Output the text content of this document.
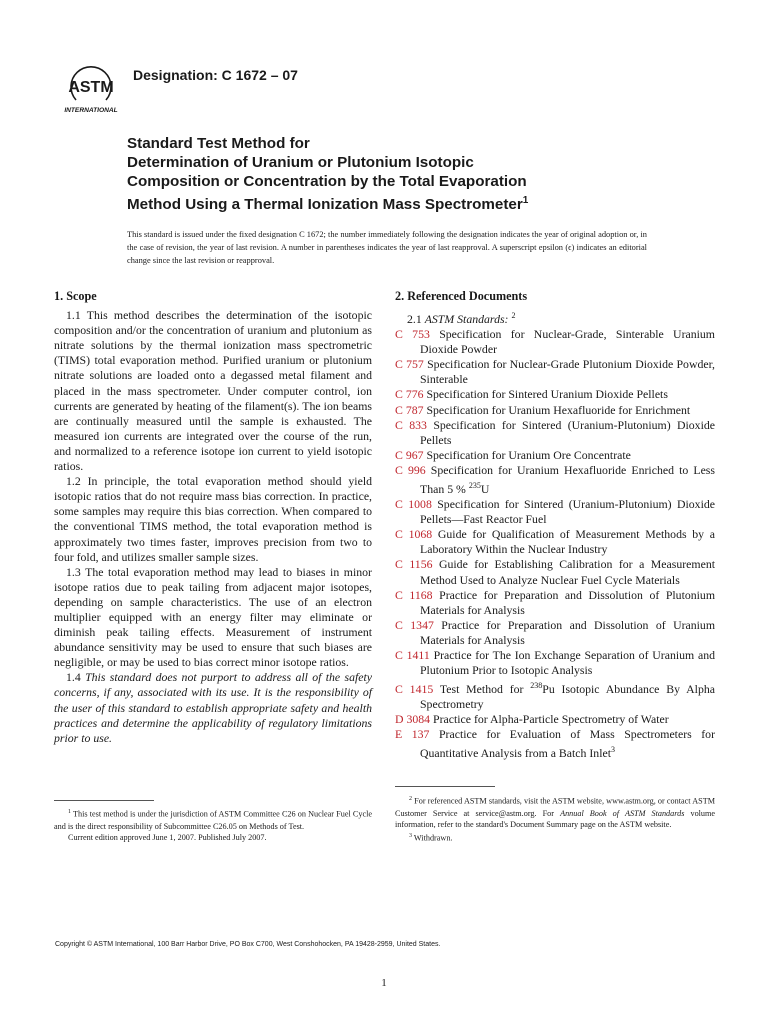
ASTM
INTERNATIONAL
Designation: C 1672 – 07
Standard Test Method for
Determination of Uranium or Plutonium Isotopic
Composition or Concentration by the Total Evaporation
Method Using a Thermal Ionization Mass Spectrometer$^1$
This standard is issued under the fixed designation C 1672; the number immediately following the designation indicates the year of original adoption or, in the case of revision, the year of last revision. A number in parentheses indicates the year of last reapproval. A superscript epsilon (ϵ) indicates an editorial change since the last revision or reapproval.
1. Scope

1.1 This method describes the determination of the isotopic composition and/or the concentration of uranium and plutonium as nitrate solutions by the thermal ionization mass spectrometric (TIMS) total evaporation method. Purified uranium or plutonium nitrate solutions are loaded onto a degassed metal filament and placed in the mass spectrometer. Under computer control, ion currents are generated by heating of the filament(s). The ion beams are continually measured until the sample is exhausted. The measured ion currents are integrated over the course of the run, and normalized to a reference isotope ion current to yield isotopic ratios.

1.2 In principle, the total evaporation method should yield isotopic ratios that do not require mass bias correction. In practice, some samples may require this bias correction. When compared to the conventional TIMS method, the total evaporation method is approximately two times faster, improves precision from two to four fold, and utilizes smaller sample sizes.

1.3 The total evaporation method may lead to biases in minor isotope ratios due to peak tailing from adjacent major isotopes, depending on sample characteristics. The use of an electron multiplier equipped with an energy filter may eliminate or diminish peak tailing effects. Measurement of instrument abundance sensitivity may be used to ensure that such biases are negligible, or may be used to bias correct minor isotope ratios.

1.4 This standard does not purport to address all of the safety concerns, if any, associated with its use. It is the responsibility of the user of this standard to establish appropriate safety and health practices and determine the applicability of regulatory limitations prior to use.

2. Referenced Documents

2.1 ASTM Standards: $^2$

C 753 Specification for Nuclear-Grade, Sinterable Uranium Dioxide Powder
C 757 Specification for Nuclear-Grade Plutonium Dioxide Powder, Sinterable
C 776 Specification for Sintered Uranium Dioxide Pellets
C 787 Specification for Uranium Hexafluoride for Enrichment
C 833 Specification for Sintered (Uranium-Plutonium) Dioxide Pellets
C 967 Specification for Uranium Ore Concentrate
C 996 Specification for Uranium Hexafluoride Enriched to Less Than 5 % $^{235}$U
C 1008 Specification for Sintered (Uranium-Plutonium) Dioxide Pellets—Fast Reactor Fuel
C 1068 Guide for Qualification of Measurement Methods by a Laboratory Within the Nuclear Industry
C 1156 Guide for Establishing Calibration for a Measurement Method Used to Analyze Nuclear Fuel Cycle Materials
C 1168 Practice for Preparation and Dissolution of Plutonium Materials for Analysis
C 1347 Practice for Preparation and Dissolution of Uranium Materials for Analysis
C 1411 Practice for The Ion Exchange Separation of Uranium and Plutonium Prior to Isotopic Analysis
C 1415 Test Method for $^{238}$Pu Isotopic Abundance By Alpha Spectrometry
D 3084 Practice for Alpha-Particle Spectrometry of Water
E 137 Practice for Evaluation of Mass Spectrometers for Quantitative Analysis from a Batch Inlet$^3$
$^1$ This test method is under the jurisdiction of ASTM Committee C26 on Nuclear Fuel Cycle and is the direct responsibility of Subcommittee C26.05 on Methods of Test.
Current edition approved June 1, 2007. Published July 2007.
$^2$ For referenced ASTM standards, visit the ASTM website, www.astm.org, or contact ASTM Customer Service at service@astm.org. For Annual Book of ASTM Standards volume information, refer to the standard's Document Summary page on the ASTM website.
$^3$ Withdrawn.
Copyright © ASTM International, 100 Barr Harbor Drive, PO Box C700, West Conshohocken, PA 19428-2959, United States.
1
